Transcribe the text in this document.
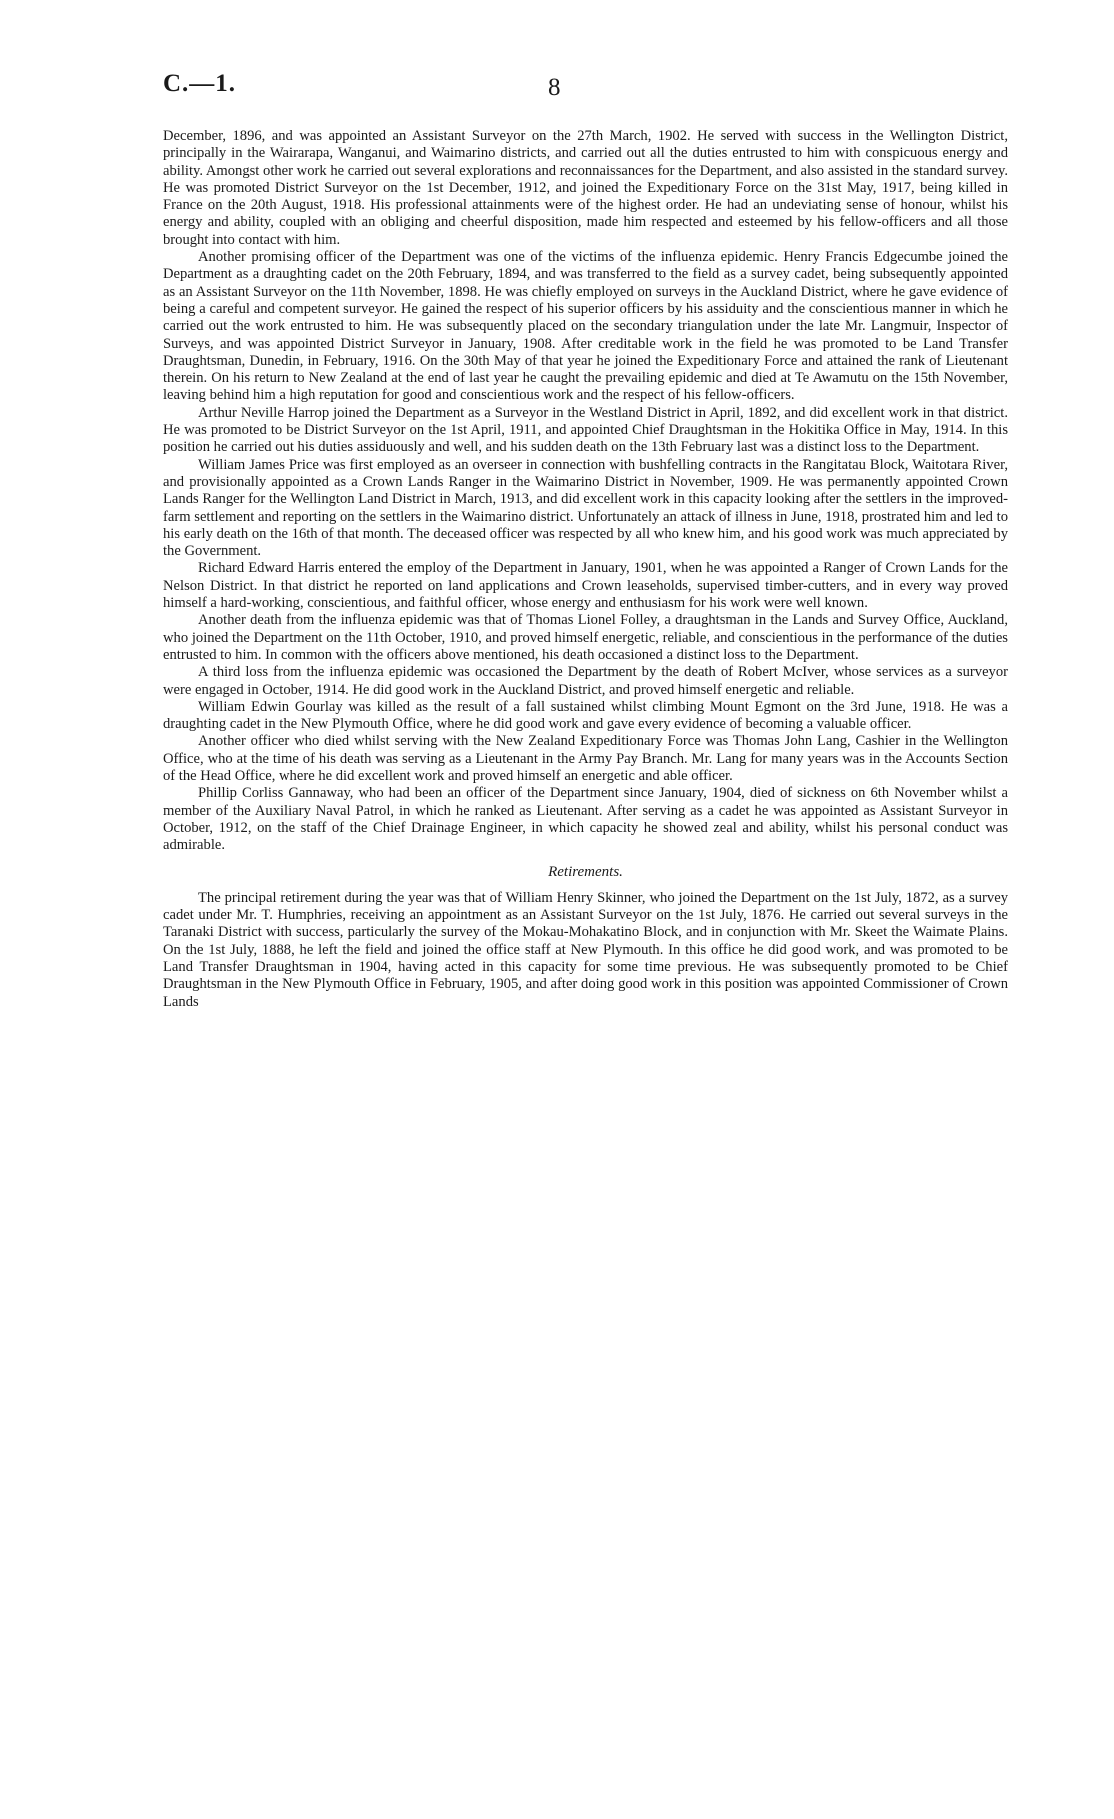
C.—1.	8

December, 1896, and was appointed an Assistant Surveyor on the 27th March, 1902. He served with success in the Wellington District, principally in the Wairarapa, Wanganui, and Waimarino districts, and carried out all the duties entrusted to him with conspicuous energy and ability. Amongst other work he carried out several explorations and reconnaissances for the Department, and also assisted in the standard survey. He was promoted District Surveyor on the 1st December, 1912, and joined the Expeditionary Force on the 31st May, 1917, being killed in France on the 20th August, 1918. His professional attainments were of the highest order. He had an undeviating sense of honour, whilst his energy and ability, coupled with an obliging and cheerful disposition, made him respected and esteemed by his fellow-officers and all those brought into contact with him.

Another promising officer of the Department was one of the victims of the influenza epidemic. Henry Francis Edgecumbe joined the Department as a draughting cadet on the 20th February, 1894, and was transferred to the field as a survey cadet, being subsequently appointed as an Assistant Surveyor on the 11th November, 1898. He was chiefly employed on surveys in the Auckland District, where he gave evidence of being a careful and competent surveyor. He gained the respect of his superior officers by his assiduity and the conscientious manner in which he carried out the work entrusted to him. He was subsequently placed on the secondary triangulation under the late Mr. Langmuir, Inspector of Surveys, and was appointed District Surveyor in January, 1908. After creditable work in the field he was promoted to be Land Transfer Draughtsman, Dunedin, in February, 1916. On the 30th May of that year he joined the Expeditionary Force and attained the rank of Lieutenant therein. On his return to New Zealand at the end of last year he caught the prevailing epidemic and died at Te Awamutu on the 15th November, leaving behind him a high reputation for good and conscientious work and the respect of his fellow-officers.

Arthur Neville Harrop joined the Department as a Surveyor in the Westland District in April, 1892, and did excellent work in that district. He was promoted to be District Surveyor on the 1st April, 1911, and appointed Chief Draughtsman in the Hokitika Office in May, 1914. In this position he carried out his duties assiduously and well, and his sudden death on the 13th February last was a distinct loss to the Department.

William James Price was first employed as an overseer in connection with bushfelling contracts in the Rangitatau Block, Waitotara River, and provisionally appointed as a Crown Lands Ranger in the Waimarino District in November, 1909. He was permanently appointed Crown Lands Ranger for the Wellington Land District in March, 1913, and did excellent work in this capacity looking after the settlers in the improved-farm settlement and reporting on the settlers in the Waimarino district. Unfortunately an attack of illness in June, 1918, prostrated him and led to his early death on the 16th of that month. The deceased officer was respected by all who knew him, and his good work was much appreciated by the Government.

Richard Edward Harris entered the employ of the Department in January, 1901, when he was appointed a Ranger of Crown Lands for the Nelson District. In that district he reported on land applications and Crown leaseholds, supervised timber-cutters, and in every way proved himself a hard-working, conscientious, and faithful officer, whose energy and enthusiasm for his work were well known.

Another death from the influenza epidemic was that of Thomas Lionel Folley, a draughtsman in the Lands and Survey Office, Auckland, who joined the Department on the 11th October, 1910, and proved himself energetic, reliable, and conscientious in the performance of the duties entrusted to him. In common with the officers above mentioned, his death occasioned a distinct loss to the Department.

A third loss from the influenza epidemic was occasioned the Department by the death of Robert McIver, whose services as a surveyor were engaged in October, 1914. He did good work in the Auckland District, and proved himself energetic and reliable.

William Edwin Gourlay was killed as the result of a fall sustained whilst climbing Mount Egmont on the 3rd June, 1918. He was a draughting cadet in the New Plymouth Office, where he did good work and gave every evidence of becoming a valuable officer.

Another officer who died whilst serving with the New Zealand Expeditionary Force was Thomas John Lang, Cashier in the Wellington Office, who at the time of his death was serving as a Lieutenant in the Army Pay Branch. Mr. Lang for many years was in the Accounts Section of the Head Office, where he did excellent work and proved himself an energetic and able officer.

Phillip Corliss Gannaway, who had been an officer of the Department since January, 1904, died of sickness on 6th November whilst a member of the Auxiliary Naval Patrol, in which he ranked as Lieutenant. After serving as a cadet he was appointed as Assistant Surveyor in October, 1912, on the staff of the Chief Drainage Engineer, in which capacity he showed zeal and ability, whilst his personal conduct was admirable.

Retirements.

The principal retirement during the year was that of William Henry Skinner, who joined the Department on the 1st July, 1872, as a survey cadet under Mr. T. Humphries, receiving an appointment as an Assistant Surveyor on the 1st July, 1876. He carried out several surveys in the Taranaki District with success, particularly the survey of the Mokau-Mohakatino Block, and in conjunction with Mr. Skeet the Waimate Plains. On the 1st July, 1888, he left the field and joined the office staff at New Plymouth. In this office he did good work, and was promoted to be Land Transfer Draughtsman in 1904, having acted in this capacity for some time previous. He was subsequently promoted to be Chief Draughtsman in the New Plymouth Office in February, 1905, and after doing good work in this position was appointed Commissioner of Crown Lands
